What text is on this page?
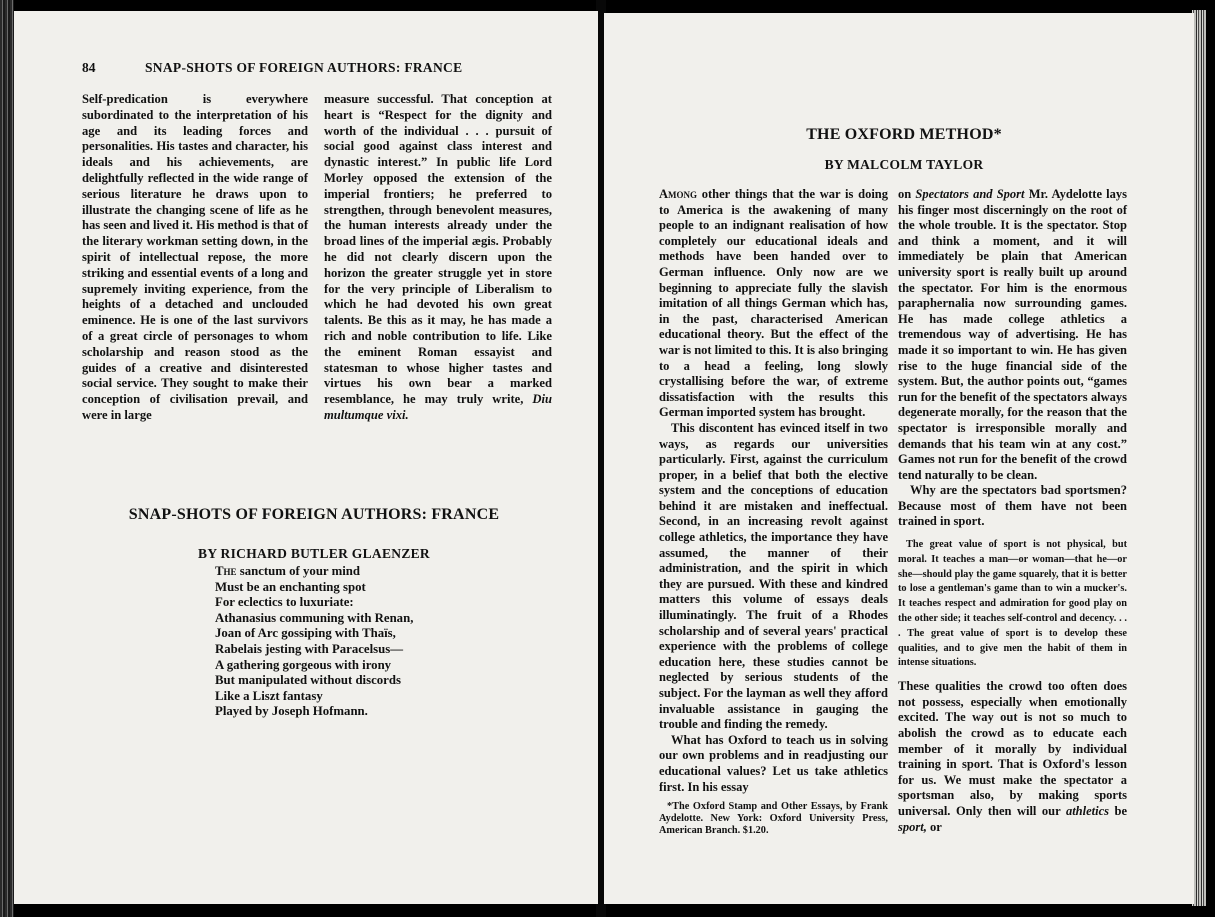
84	SNAP-SHOTS OF FOREIGN AUTHORS: FRANCE

Self-predication is everywhere subordinated to the interpretation of his age and its leading forces and personalities. His tastes and character, his ideals and his achievements, are delightfully reflected in the wide range of serious literature he draws upon to illustrate the changing scene of life as he has seen and lived it. His method is that of the literary workman setting down, in the spirit of intellectual repose, the more striking and essential events of a long and supremely inviting experience, from the heights of a detached and unclouded eminence. He is one of the last survivors of a great circle of personages to whom scholarship and reason stood as the guides of a creative and disinterested social service. They sought to make their conception of civilisation prevail, and were in large

measure successful. That conception at heart is “Respect for the dignity and worth of the individual . . . pursuit of social good against class interest and dynastic interest.” In public life Lord Morley opposed the extension of the imperial frontiers; he preferred to strengthen, through benevolent measures, the human interests already under the broad lines of the imperial ægis. Probably he did not clearly discern upon the horizon the greater struggle yet in store for the very principle of Liberalism to which he had devoted his own great talents. Be this as it may, he has made a rich and noble contribution to life. Like the eminent Roman essayist and statesman to whose higher tastes and virtues his own bear a marked resemblance, he may truly write, Diu multumque vixi.

SNAP-SHOTS OF FOREIGN AUTHORS: FRANCE
BY RICHARD BUTLER GLAENZER
The sanctum of your mind
Must be an enchanting spot
For eclectics to luxuriate:
Athanasius communing with Renan,
Joan of Arc gossiping with Thaïs,
Rabelais jesting with Paracelsus—
A gathering gorgeous with irony
But manipulated without discords
Like a Liszt fantasy
Played by Joseph Hofmann.
THE OXFORD METHOD*
BY MALCOLM TAYLOR

Among other things that the war is doing to America is the awakening of many people to an indignant realisation of how completely our educational ideals and methods have been handed over to German influence. Only now are we beginning to appreciate fully the slavish imitation of all things German which has, in the past, characterised American educational theory. But the effect of the war is not limited to this. It is also bringing to a head a feeling, long slowly crystallising before the war, of extreme dissatisfaction with the results this German imported system has brought.

This discontent has evinced itself in two ways, as regards our universities particularly. First, against the curriculum proper, in a belief that both the elective system and the conceptions of education behind it are mistaken and ineffectual. Second, in an increasing revolt against college athletics, the importance they have assumed, the manner of their administration, and the spirit in which they are pursued. With these and kindred matters this volume of essays deals illuminatingly. The fruit of a Rhodes scholarship and of several years' practical experience with the problems of college education here, these studies cannot be neglected by serious students of the subject. For the layman as well they afford invaluable assistance in gauging the trouble and finding the remedy.

What has Oxford to teach us in solving our own problems and in readjusting our educational values? Let us take athletics first. In his essay

*The Oxford Stamp and Other Essays, by Frank Aydelotte. New York: Oxford University Press, American Branch. $1.20.

on Spectators and Sport Mr. Aydelotte lays his finger most discerningly on the root of the whole trouble. It is the spectator. Stop and think a moment, and it will immediately be plain that American university sport is really built up around the spectator. For him is the enormous paraphernalia now surrounding games. He has made college athletics a tremendous way of advertising. He has made it so important to win. He has given rise to the huge financial side of the system. But, the author points out, “games run for the benefit of the spectators always degenerate morally, for the reason that the spectator is irresponsible morally and demands that his team win at any cost.” Games not run for the benefit of the crowd tend naturally to be clean.

Why are the spectators bad sportsmen? Because most of them have not been trained in sport.

The great value of sport is not physical, but moral. It teaches a man—or woman—that he—or she—should play the game squarely, that it is better to lose a gentleman's game than to win a mucker's. It teaches respect and admiration for good play on the other side; it teaches self-control and decency. . . . The great value of sport is to develop these qualities, and to give men the habit of them in intense situations.

These qualities the crowd too often does not possess, especially when emotionally excited. The way out is not so much to abolish the crowd as to educate each member of it morally by individual training in sport. That is Oxford's lesson for us. We must make the spectator a sportsman also, by making sports universal. Only then will our athletics be sport, or
